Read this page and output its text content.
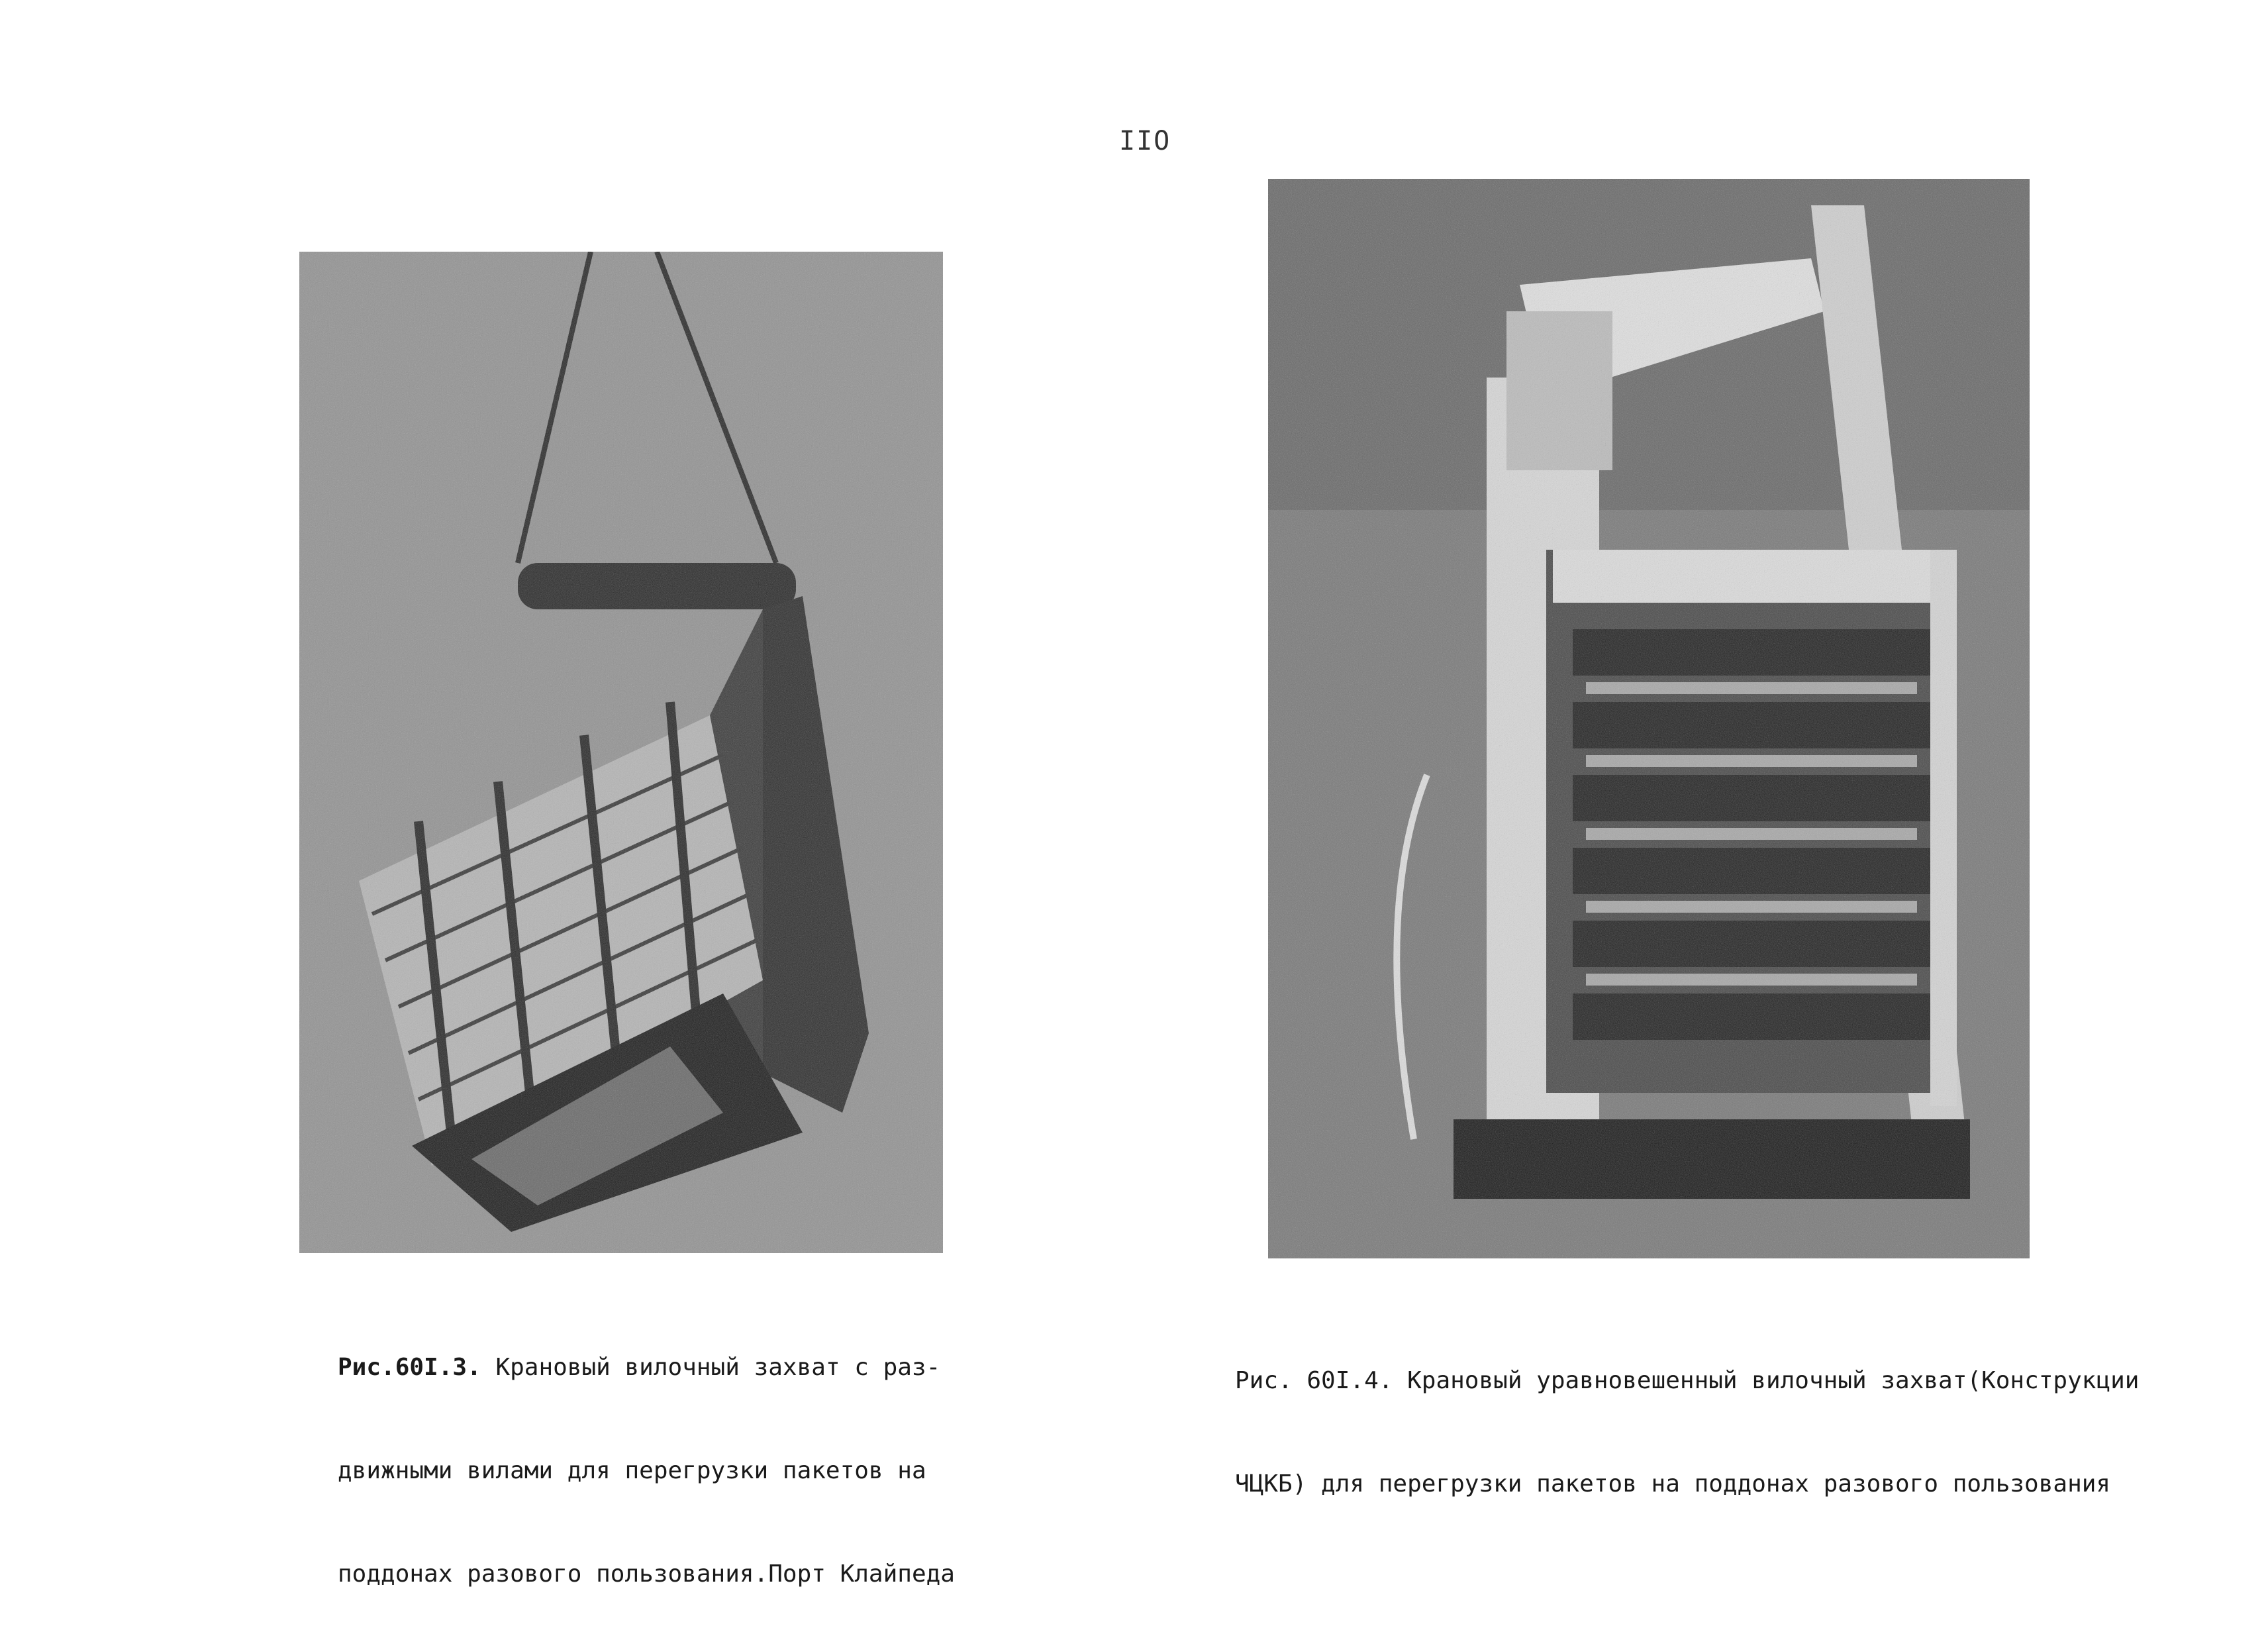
IIO

Рис.60I.3. Крановый вилочный захват с раз-

движными вилами для перегрузки пакетов на

поддонах разового пользования.Порт Клайпеда

Рис. 60I.4. Крановый уравновешенный вилочный захват(Конструкции

ЧЦКБ) для перегрузки пакетов на поддонах разового пользования
